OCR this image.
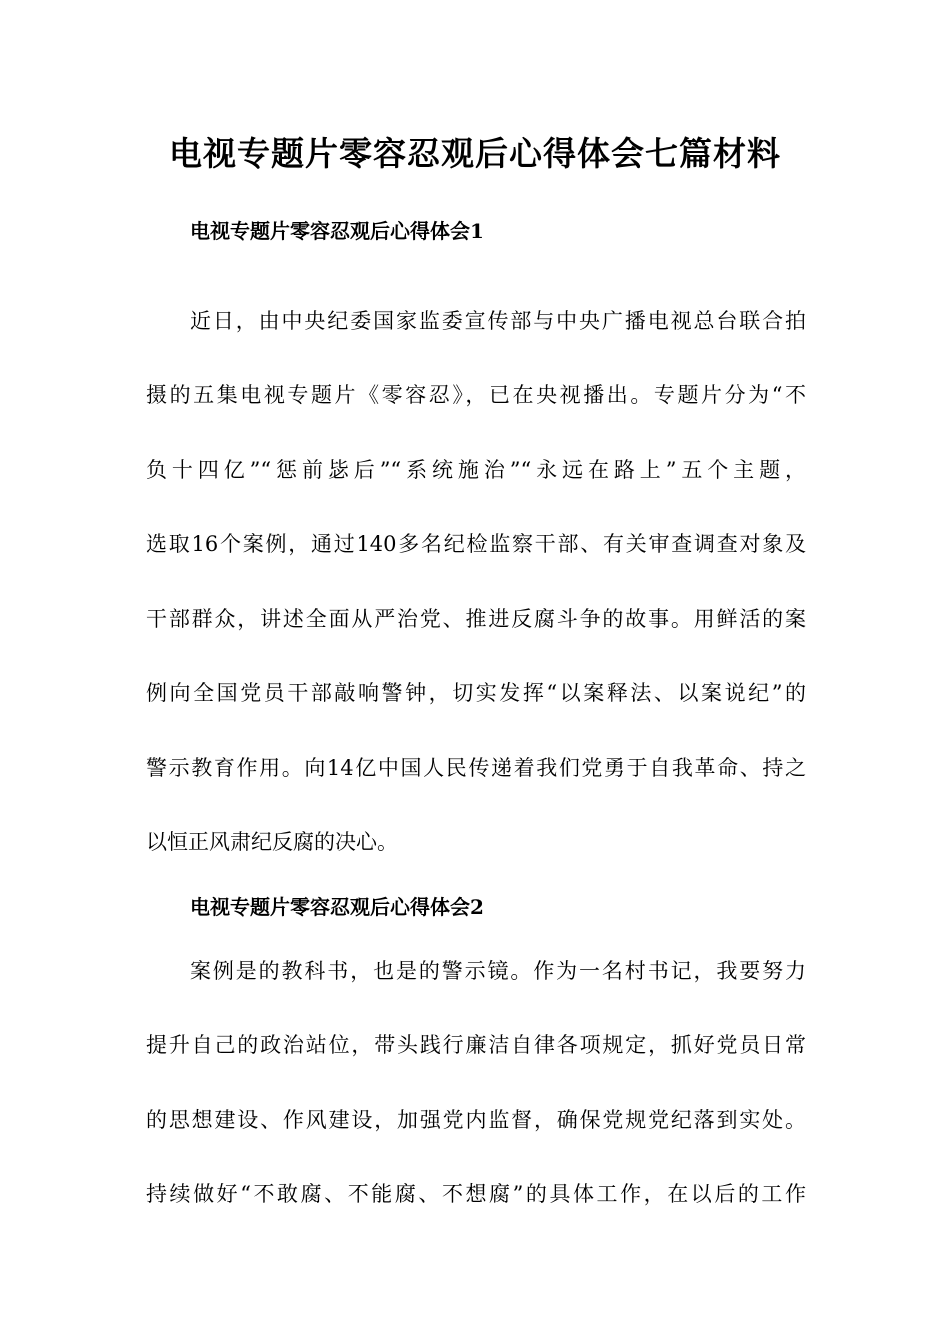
电视专题片零容忍观后心得体会七篇材料
电视专题片零容忍观后心得体会1

近日，由中央纪委国家监委宣传部与中央广播电视总台联合拍

摄的五集电视专题片《零容忍》，已在央视播出。专题片分为“不

负十四亿”“惩前毖后”“系统施治”“永远在路上”五个主题，

选取16个案例，通过140多名纪检监察干部、有关审查调查对象及

干部群众，讲述全面从严治党、推进反腐斗争的故事。用鲜活的案

例向全国党员干部敲响警钟，切实发挥“以案释法、以案说纪”的

警示教育作用。向14亿中国人民传递着我们党勇于自我革命、持之

以恒正风肃纪反腐的决心。

电视专题片零容忍观后心得体会2

案例是的教科书，也是的警示镜。作为一名村书记，我要努力

提升自己的政治站位，带头践行廉洁自律各项规定，抓好党员日常

的思想建设、作风建设，加强党内监督，确保党规党纪落到实处。

持续做好“不敢腐、不能腐、不想腐”的具体工作，在以后的工作
